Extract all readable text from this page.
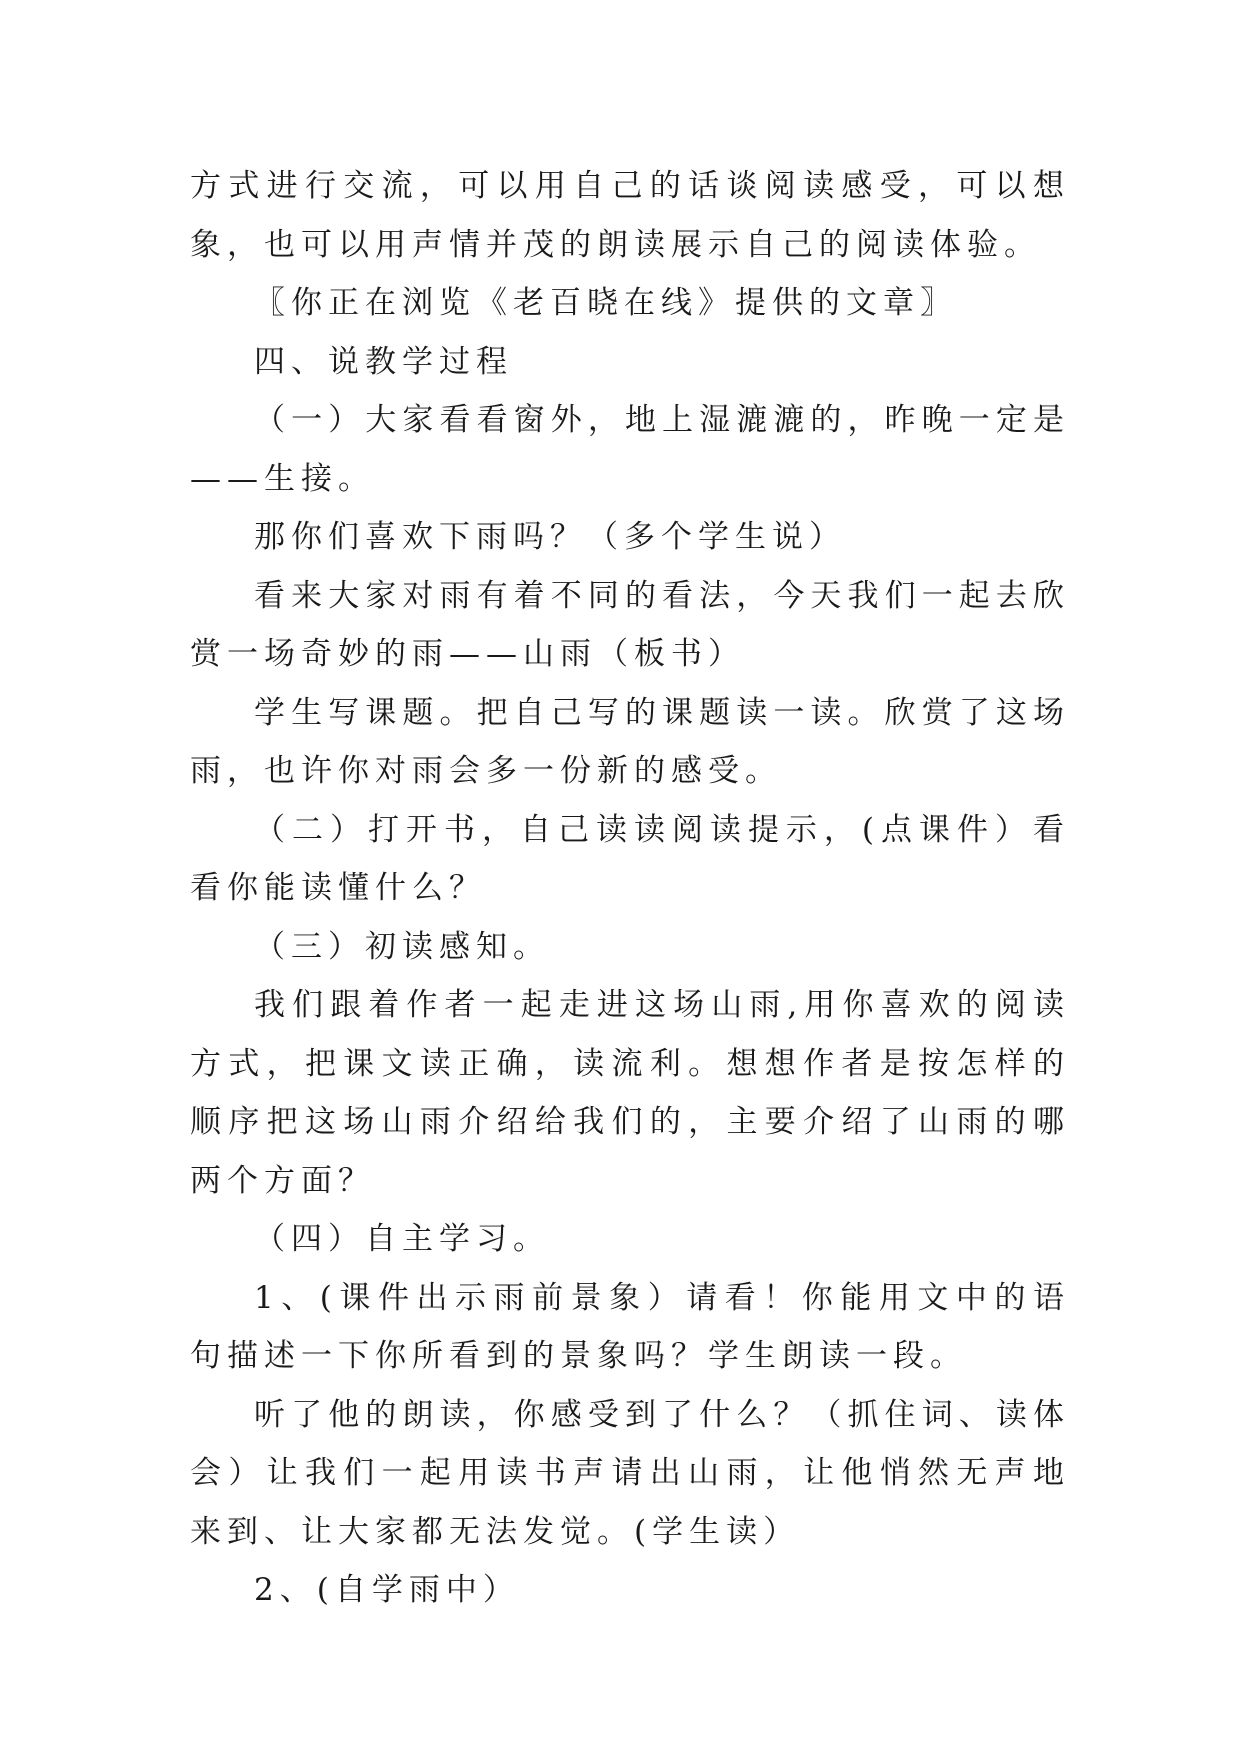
方式进行交流，可以用自己的话谈阅读感受，可以想象，也可以用声情并茂的朗读展示自己的阅读体验。

〖你正在浏览《老百晓在线》提供的文章〗

四、说教学过程

（一）大家看看窗外，地上湿漉漉的，昨晚一定是——生接。

那你们喜欢下雨吗？（多个学生说）

看来大家对雨有着不同的看法，今天我们一起去欣赏一场奇妙的雨——山雨（板书）

学生写课题。把自己写的课题读一读。欣赏了这场雨，也许你对雨会多一份新的感受。

（二）打开书，自己读读阅读提示，(点课件）看看你能读懂什么？

（三）初读感知。

我们跟着作者一起走进这场山雨,用你喜欢的阅读方式，把课文读正确，读流利。想想作者是按怎样的顺序把这场山雨介绍给我们的，主要介绍了山雨的哪两个方面？

（四）自主学习。

1、(课件出示雨前景象）请看！你能用文中的语句描述一下你所看到的景象吗？学生朗读一段。

听了他的朗读，你感受到了什么？（抓住词、读体会）让我们一起用读书声请出山雨，让他悄然无声地来到、让大家都无法发觉。(学生读）

2、(自学雨中）
